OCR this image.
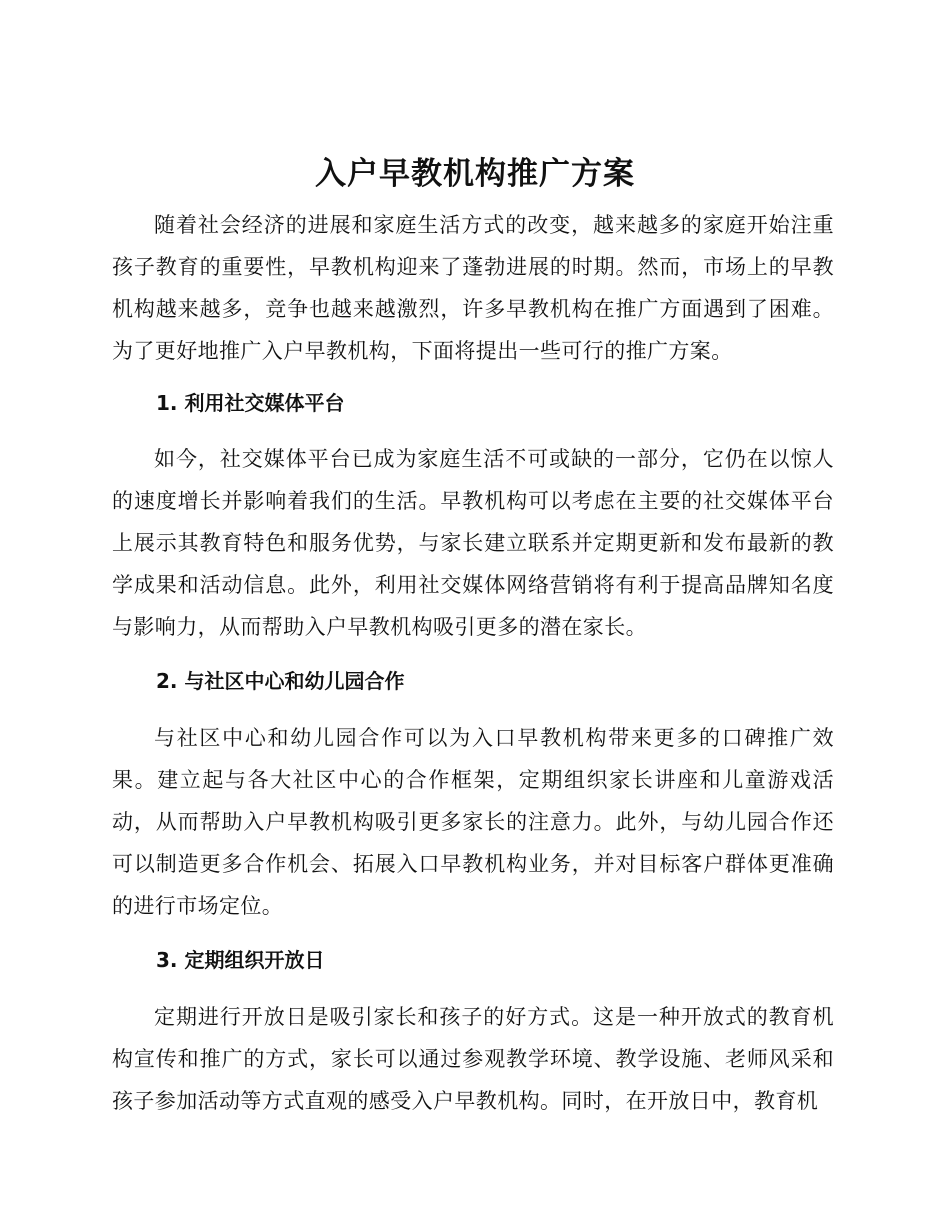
入户早教机构推广方案

随着社会经济的进展和家庭生活方式的改变，越来越多的家庭开始注重孩子教育的重要性，早教机构迎来了蓬勃进展的时期。然而，市场上的早教机构越来越多，竞争也越来越激烈，许多早教机构在推广方面遇到了困难。为了更好地推广入户早教机构，下面将提出一些可行的推广方案。

1. 利用社交媒体平台

如今，社交媒体平台已成为家庭生活不可或缺的一部分，它仍在以惊人的速度增长并影响着我们的生活。早教机构可以考虑在主要的社交媒体平台上展示其教育特色和服务优势，与家长建立联系并定期更新和发布最新的教学成果和活动信息。此外，利用社交媒体网络营销将有利于提高品牌知名度与影响力，从而帮助入户早教机构吸引更多的潜在家长。

2. 与社区中心和幼儿园合作

与社区中心和幼儿园合作可以为入口早教机构带来更多的口碑推广效果。建立起与各大社区中心的合作框架，定期组织家长讲座和儿童游戏活动，从而帮助入户早教机构吸引更多家长的注意力。此外，与幼儿园合作还可以制造更多合作机会、拓展入口早教机构业务，并对目标客户群体更准确的进行市场定位。

3. 定期组织开放日

定期进行开放日是吸引家长和孩子的好方式。这是一种开放式的教育机构宣传和推广的方式，家长可以通过参观教学环境、教学设施、老师风采和孩子参加活动等方式直观的感受入户早教机构。同时，在开放日中，教育机
